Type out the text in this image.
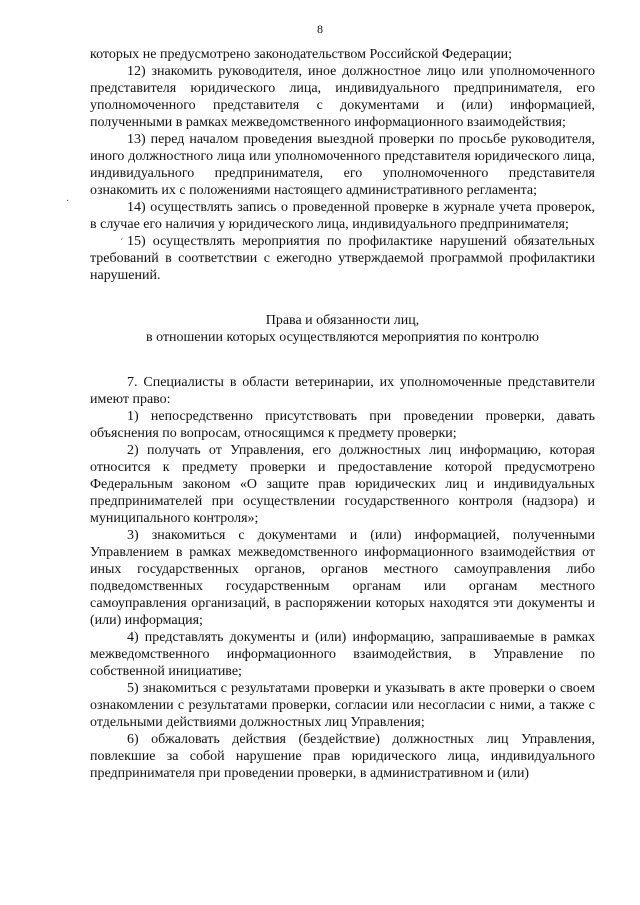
8

которых не предусмотрено законодательством Российской Федерации;

12) знакомить руководителя, иное должностное лицо или уполномоченного представителя юридического лица, индивидуального предпринимателя, его уполномоченного представителя с документами и (или) информацией, полученными в рамках межведомственного информационного взаимодействия;

13) перед началом проведения выездной проверки по просьбе руководителя, иного должностного лица или уполномоченного представителя юридического лица, индивидуального предпринимателя, его уполномоченного представителя ознакомить их с положениями настоящего административного регламента;

14) осуществлять запись о проведенной проверке в журнале учета проверок, в случае его наличия у юридического лица, индивидуального предпринимателя;

15) осуществлять мероприятия по профилактике нарушений обязательных требований в соответствии с ежегодно утверждаемой программой профилактики нарушений.

Права и обязанности лиц,
в отношении которых осуществляются мероприятия по контролю

7. Специалисты в области ветеринарии, их уполномоченные представители имеют право:

1) непосредственно присутствовать при проведении проверки, давать объяснения по вопросам, относящимся к предмету проверки;

2) получать от Управления, его должностных лиц информацию, которая относится к предмету проверки и предоставление которой предусмотрено Федеральным законом «О защите прав юридических лиц и индивидуальных предпринимателей при осуществлении государственного контроля (надзора) и муниципального контроля»;

3) знакомиться с документами и (или) информацией, полученными Управлением в рамках межведомственного информационного взаимодействия от иных государственных органов, органов местного самоуправления либо подведомственных государственным органам или органам местного самоуправления организаций, в распоряжении которых находятся эти документы и (или) информация;

4) представлять документы и (или) информацию, запрашиваемые в рамках межведомственного информационного взаимодействия, в Управление по собственной инициативе;

5) знакомиться с результатами проверки и указывать в акте проверки о своем ознакомлении с результатами проверки, согласии или несогласии с ними, а также с отдельными действиями должностных лиц Управления;

6) обжаловать действия (бездействие) должностных лиц Управления, повлекшие за собой нарушение прав юридического лица, индивидуального предпринимателя при проведении проверки, в административном и (или)

·
ˊ
